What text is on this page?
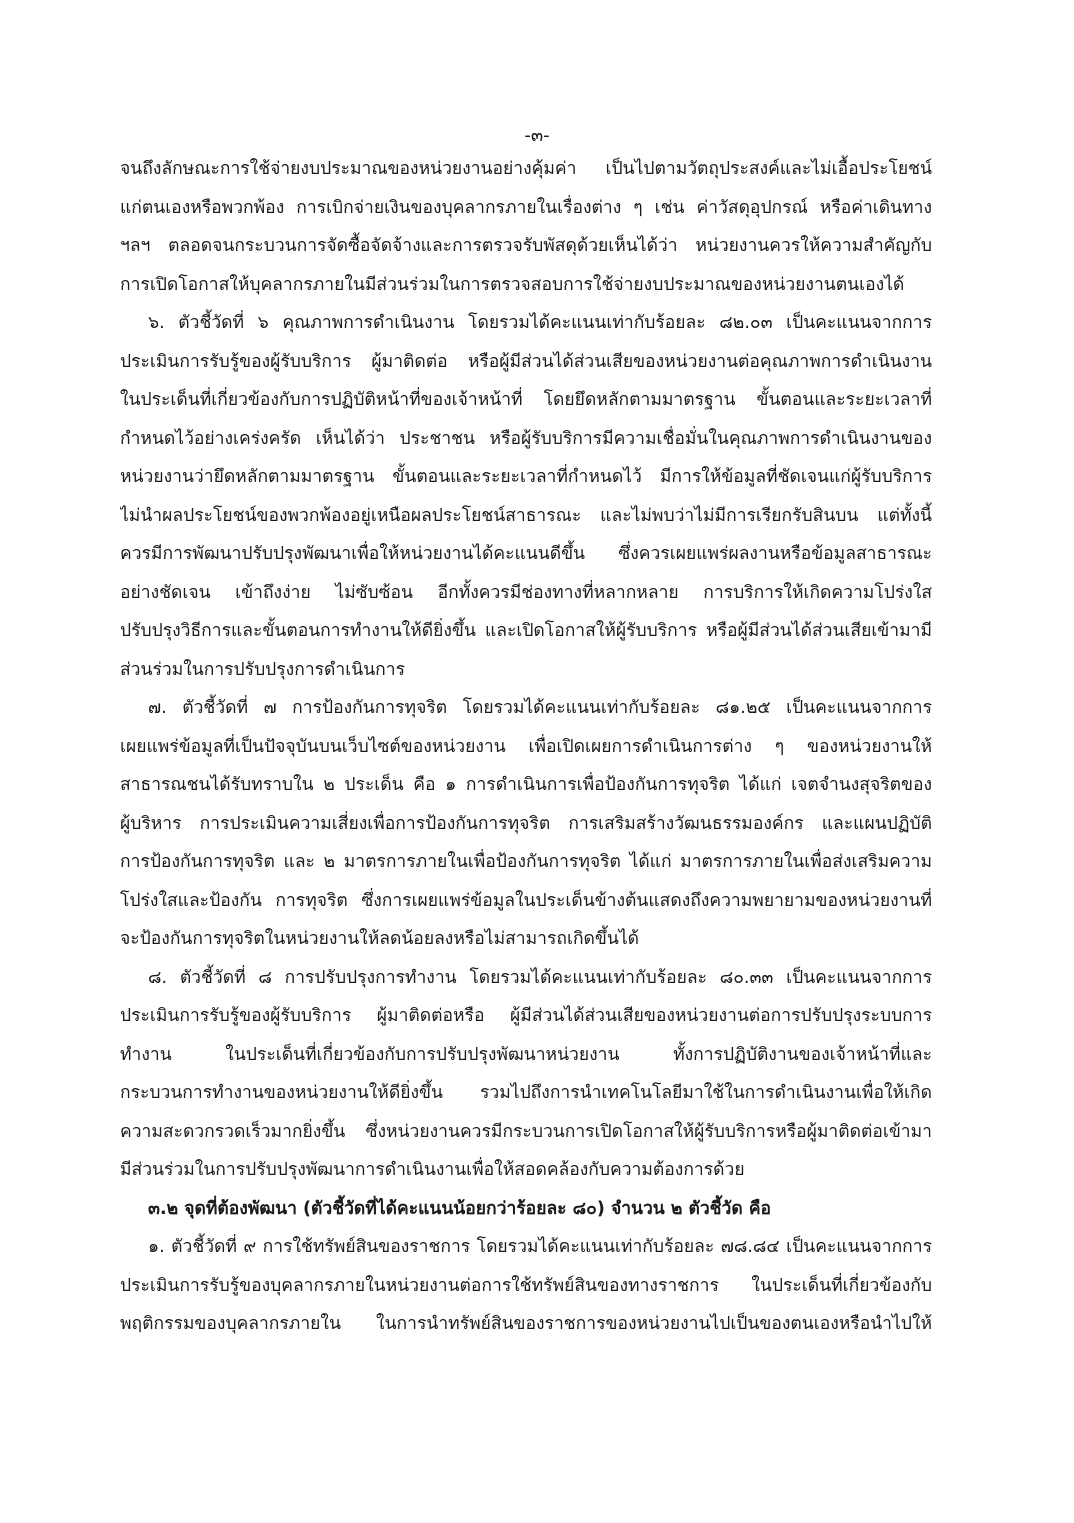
-๓-
จนถึงลักษณะการใช้จ่ายงบประมาณของหน่วยงานอย่างคุ้มค่า เป็นไปตามวัตถุประสงค์และไม่เอื้อประโยชน์
แก่ตนเองหรือพวกพ้อง การเบิกจ่ายเงินของบุคลากรภายในเรื่องต่าง ๆ เช่น ค่าวัสดุอุปกรณ์ หรือค่าเดินทาง
ฯลฯ ตลอดจนกระบวนการจัดซื้อจัดจ้างและการตรวจรับพัสดุด้วยเห็นได้ว่า หน่วยงานควรให้ความสำคัญกับ
การเปิดโอกาสให้บุคลากรภายในมีส่วนร่วมในการตรวจสอบการใช้จ่ายงบประมาณของหน่วยงานตนเองได้
๖. ตัวชี้วัดที่ ๖ คุณภาพการดำเนินงาน โดยรวมได้คะแนนเท่ากับร้อยละ ๘๒.๐๓ เป็นคะแนนจากการ
ประเมินการรับรู้ของผู้รับบริการ ผู้มาติดต่อ หรือผู้มีส่วนได้ส่วนเสียของหน่วยงานต่อคุณภาพการดำเนินงาน
ในประเด็นที่เกี่ยวข้องกับการปฏิบัติหน้าที่ของเจ้าหน้าที่ โดยยึดหลักตามมาตรฐาน ขั้นตอนและระยะเวลาที่
กำหนดไว้อย่างเคร่งครัด เห็นได้ว่า ประชาชน หรือผู้รับบริการมีความเชื่อมั่นในคุณภาพการดำเนินงานของ
หน่วยงานว่ายึดหลักตามมาตรฐาน ขั้นตอนและระยะเวลาที่กำหนดไว้ มีการให้ข้อมูลที่ชัดเจนแก่ผู้รับบริการ
ไม่นำผลประโยชน์ของพวกพ้องอยู่เหนือผลประโยชน์สาธารณะ และไม่พบว่าไม่มีการเรียกรับสินบน แต่ทั้งนี้
ควรมีการพัฒนาปรับปรุงพัฒนาเพื่อให้หน่วยงานได้คะแนนดีขึ้น ซึ่งควรเผยแพร่ผลงานหรือข้อมูลสาธารณะ
อย่างชัดเจน เข้าถึงง่าย ไม่ซับซ้อน อีกทั้งควรมีช่องทางที่หลากหลาย การบริการให้เกิดความโปร่งใส
ปรับปรุงวิธีการและขั้นตอนการทำงานให้ดียิ่งขึ้น และเปิดโอกาสให้ผู้รับบริการ หรือผู้มีส่วนได้ส่วนเสียเข้ามามี
ส่วนร่วมในการปรับปรุงการดำเนินการ
๗. ตัวชี้วัดที่ ๗ การป้องกันการทุจริต โดยรวมได้คะแนนเท่ากับร้อยละ ๘๑.๒๕ เป็นคะแนนจากการ
เผยแพร่ข้อมูลที่เป็นปัจจุบันบนเว็บไซต์ของหน่วยงาน เพื่อเปิดเผยการดำเนินการต่าง ๆ ของหน่วยงานให้
สาธารณชนได้รับทราบใน ๒ ประเด็น คือ ๑ การดำเนินการเพื่อป้องกันการทุจริต ได้แก่ เจตจำนงสุจริตของ
ผู้บริหาร การประเมินความเสี่ยงเพื่อการป้องกันการทุจริต การเสริมสร้างวัฒนธรรมองค์กร และแผนปฏิบัติ
การป้องกันการทุจริต และ ๒ มาตรการภายในเพื่อป้องกันการทุจริต ได้แก่ มาตรการภายในเพื่อส่งเสริมความ
โปร่งใสและป้องกัน การทุจริต ซึ่งการเผยแพร่ข้อมูลในประเด็นข้างต้นแสดงถึงความพยายามของหน่วยงานที่
จะป้องกันการทุจริตในหน่วยงานให้ลดน้อยลงหรือไม่สามารถเกิดขึ้นได้
๘. ตัวชี้วัดที่ ๘ การปรับปรุงการทำงาน โดยรวมได้คะแนนเท่ากับร้อยละ ๘๐.๓๓ เป็นคะแนนจากการ
ประเมินการรับรู้ของผู้รับบริการ ผู้มาติดต่อหรือ ผู้มีส่วนได้ส่วนเสียของหน่วยงานต่อการปรับปรุงระบบการ
ทำงาน ในประเด็นที่เกี่ยวข้องกับการปรับปรุงพัฒนาหน่วยงาน ทั้งการปฏิบัติงานของเจ้าหน้าที่และ
กระบวนการทำงานของหน่วยงานให้ดียิ่งขึ้น รวมไปถึงการนำเทคโนโลยีมาใช้ในการดำเนินงานเพื่อให้เกิด
ความสะดวกรวดเร็วมากยิ่งขึ้น ซึ่งหน่วยงานควรมีกระบวนการเปิดโอกาสให้ผู้รับบริการหรือผู้มาติดต่อเข้ามา
มีส่วนร่วมในการปรับปรุงพัฒนาการดำเนินงานเพื่อให้สอดคล้องกับความต้องการด้วย
๓.๒ จุดที่ต้องพัฒนา (ตัวชี้วัดที่ได้คะแนนน้อยกว่าร้อยละ ๘๐) จำนวน ๒ ตัวชี้วัด คือ
๑. ตัวชี้วัดที่ ๙ การใช้ทรัพย์สินของราชการ โดยรวมได้คะแนนเท่ากับร้อยละ ๗๘.๘๔ เป็นคะแนนจากการ
ประเมินการรับรู้ของบุคลากรภายในหน่วยงานต่อการใช้ทรัพย์สินของทางราชการ ในประเด็นที่เกี่ยวข้องกับ
พฤติกรรมของบุคลากรภายใน ในการนำทรัพย์สินของราชการของหน่วยงานไปเป็นของตนเองหรือนำไปให้
